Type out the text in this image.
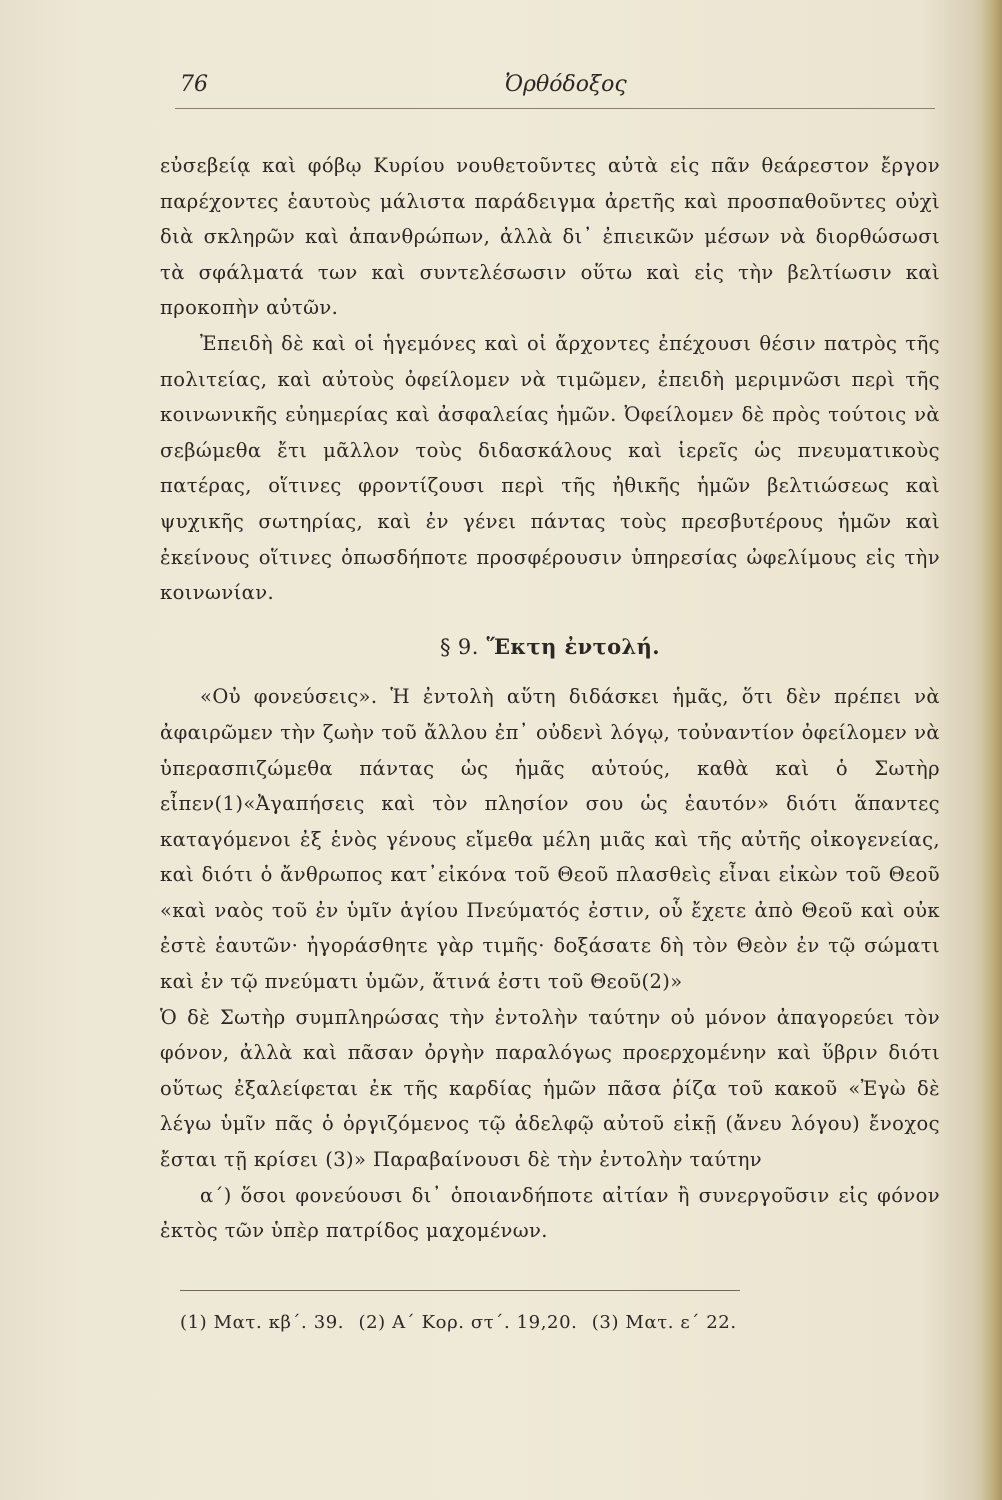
76	Ὀρθόδοξος

εὐσεβείᾳ καὶ φόβῳ Κυρίου νουθετοῦντες αὐτὰ εἰς πᾶν θεάρεστον ἔργον παρέχοντες ἑαυτοὺς μάλιστα παράδειγμα ἀρετῆς καὶ προσπαθοῦντες οὐχὶ διὰ σκληρῶν καὶ ἀπανθρώπων, ἀλλὰ δι᾽ ἐπιεικῶν μέσων νὰ διορθώσωσι τὰ σφάλματά των καὶ συντελέσωσιν οὕτω καὶ εἰς τὴν βελτίωσιν καὶ προκοπὴν αὐτῶν.

Ἐπειδὴ δὲ καὶ οἱ ἡγεμόνες καὶ οἱ ἄρχοντες ἐπέχουσι θέσιν πατρὸς τῆς πολιτείας, καὶ αὐτοὺς ὀφείλομεν νὰ τιμῶμεν, ἐπειδὴ μεριμνῶσι περὶ τῆς κοινωνικῆς εὐημερίας καὶ ἀσφαλείας ἡμῶν. Ὀφείλομεν δὲ πρὸς τούτοις νὰ σεβώμεθα ἔτι μᾶλλον τοὺς διδασκάλους καὶ ἱερεῖς ὡς πνευματικοὺς πατέρας, οἵτινες φροντίζουσι περὶ τῆς ἠθικῆς ἡμῶν βελτιώσεως καὶ ψυχικῆς σωτηρίας, καὶ ἐν γένει πάντας τοὺς πρεσβυτέρους ἡμῶν καὶ ἐκείνους οἵτινες ὁπωσδήποτε προσφέρουσιν ὑπηρεσίας ὠφελίμους εἰς τὴν κοινωνίαν.

§ 9. Ἕκτη ἐντολή.

«Οὐ φονεύσεις». Ἡ ἐντολὴ αὕτη διδάσκει ἡμᾶς, ὅτι δὲν πρέπει νὰ ἀφαιρῶμεν τὴν ζωὴν τοῦ ἄλλου ἐπ᾽ οὐδενὶ λόγῳ, τοὐναντίον ὀφείλομεν νὰ ὑπερασπιζώμεθα πάντας ὡς ἡμᾶς αὐτούς, καθὰ καὶ ὁ Σωτὴρ εἶπεν(1)«Ἀγαπήσεις καὶ τὸν πλησίον σου ὡς ἑαυτόν» διότι ἅπαντες καταγόμενοι ἐξ ἑνὸς γένους εἴμεθα μέλη μιᾶς καὶ τῆς αὐτῆς οἰκογενείας, καὶ διότι ὁ ἄνθρωπος κατ᾽εἰκόνα τοῦ Θεοῦ πλασθεὶς εἶναι εἰκὼν τοῦ Θεοῦ «καὶ ναὸς τοῦ ἐν ὑμῖν ἁγίου Πνεύματός ἐστιν, οὗ ἔχετε ἀπὸ Θεοῦ καὶ οὐκ ἐστὲ ἑαυτῶν· ἠγοράσθητε γὰρ τιμῆς· δοξάσατε δὴ τὸν Θεὸν ἐν τῷ σώματι καὶ ἐν τῷ πνεύματι ὑμῶν, ἅτινά ἐστι τοῦ Θεοῦ(2)»

Ὁ δὲ Σωτὴρ συμπληρώσας τὴν ἐντολὴν ταύτην οὐ μόνον ἀπαγορεύει τὸν φόνον, ἀλλὰ καὶ πᾶσαν ὀργὴν παραλόγως προερχομένην καὶ ὕβριν διότι οὕτως ἐξαλείφεται ἐκ τῆς καρδίας ἡμῶν πᾶσα ῥίζα τοῦ κακοῦ «Ἐγὼ δὲ λέγω ὑμῖν πᾶς ὁ ὀργιζόμενος τῷ ἀδελφῷ αὐτοῦ εἰκῇ (ἄνευ λόγου) ἔνοχος ἔσται τῇ κρίσει (3)» Παραβαίνουσι δὲ τὴν ἐντολὴν ταύτην

α΄) ὅσοι φονεύουσι δι᾽ ὁποιανδήποτε αἰτίαν ἢ συνεργοῦσιν εἰς φόνον ἐκτὸς τῶν ὑπὲρ πατρίδος μαχομένων.

(1) Ματ. κβ΄. 39. (2) Α΄ Κορ. στ΄. 19,20. (3) Ματ. ε΄ 22.
